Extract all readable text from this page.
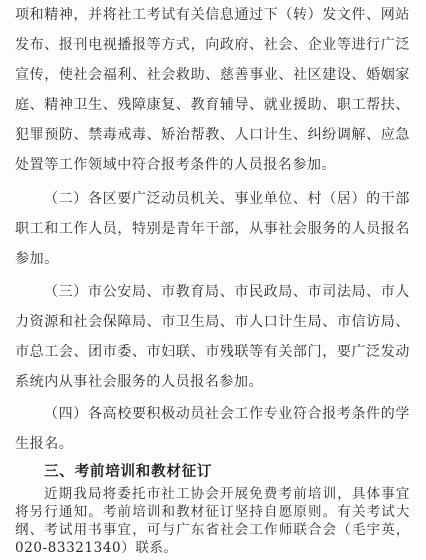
项和精神，并将社工考试有关信息通过下（转）发文件、网站
发布、报刊电视播报等方式，向政府、社会、企业等进行广泛
宣传，使社会福利、社会救助、慈善事业、社区建设、婚姻家
庭、精神卫生、残障康复、教育辅导、就业援助、职工帮扶、
犯罪预防、禁毒戒毒、矫治帮教、人口计生、纠纷调解、应急
处置等工作领域中符合报考条件的人员报名参加。
（二）各区要广泛动员机关、事业单位、村（居）的干部
职工和工作人员，特别是青年干部，从事社会服务的人员报名
参加。
（三）市公安局、市教育局、市民政局、市司法局、市人
力资源和社会保障局、市卫生局、市人口计生局、市信访局、
市总工会、团市委、市妇联、市残联等有关部门，要广泛发动
系统内从事社会服务的人员报名参加。
（四）各高校要积极动员社会工作专业符合报考条件的学
生报名。
三、考前培训和教材征订
近期我局将委托市社工协会开展免费考前培训，具体事宜
将另行通知。考前培训和教材征订坚持自愿原则。有关考试大
纲、考试用书事宜，可与广东省社会工作师联合会（毛宇英，
020-83321340）联系。
